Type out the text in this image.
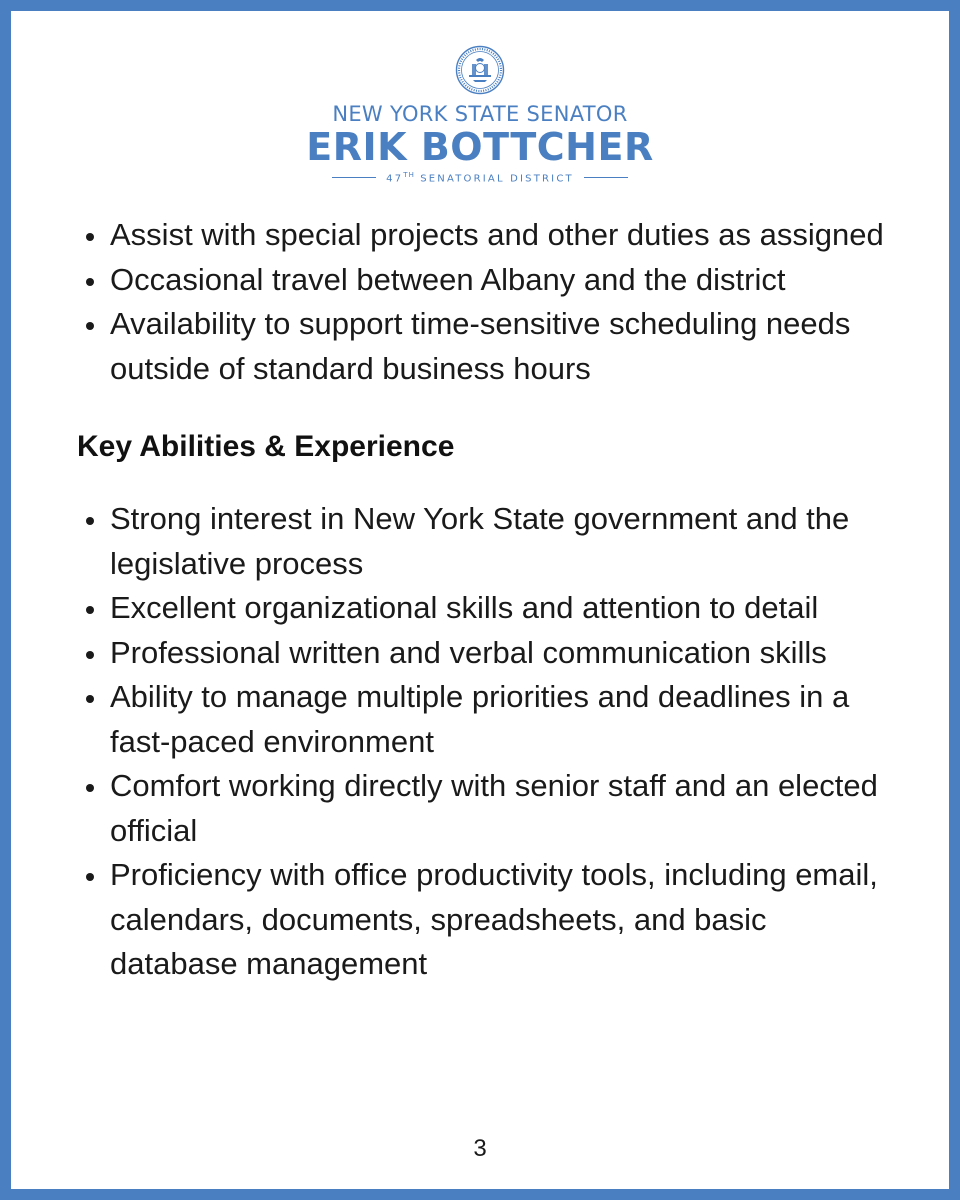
NEW YORK STATE SENATOR
ERIK BOTTCHER
47TH SENATORIAL DISTRICT
Assist with special projects and other duties as assigned
Occasional travel between Albany and the district
Availability to support time-sensitive scheduling needs outside of standard business hours
Key Abilities & Experience
Strong interest in New York State government and the legislative process
Excellent organizational skills and attention to detail
Professional written and verbal communication skills
Ability to manage multiple priorities and deadlines in a fast-paced environment
Comfort working directly with senior staff and an elected official
Proficiency with office productivity tools, including email, calendars, documents, spreadsheets, and basic database management
3
